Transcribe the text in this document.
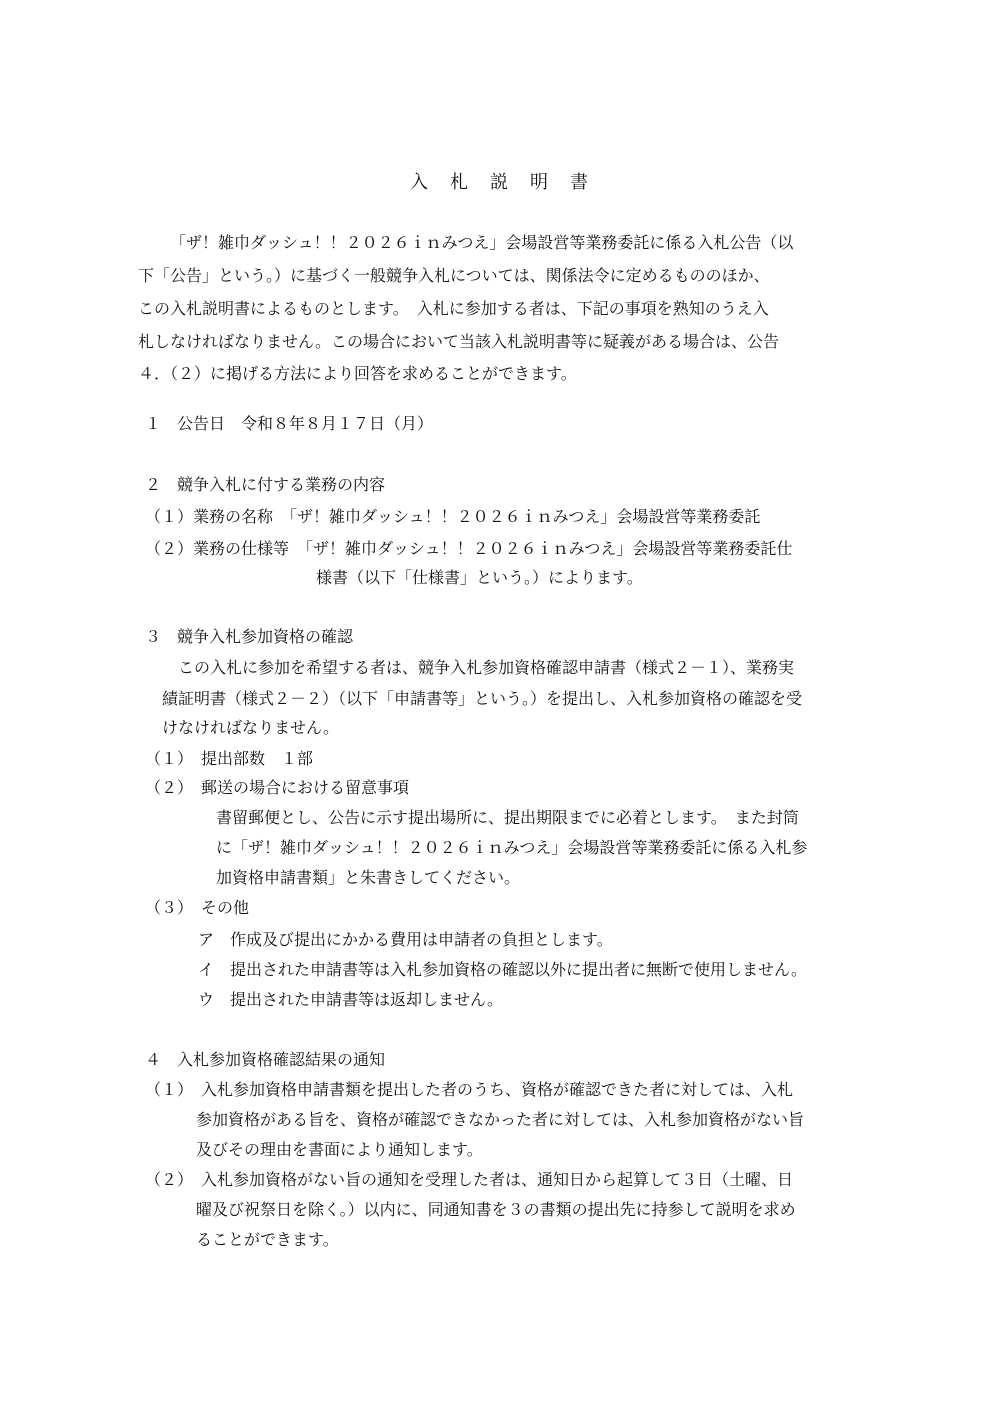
入　札　説　明　書
「ザ！雑巾ダッシュ！！２０２６ｉｎみつえ」会場設営等業務委託に係る入札公告（以
下「公告」という。）に基づく一般競争入札については、関係法令に定めるもののほか、
この入札説明書によるものとします。　入札に参加する者は、下記の事項を熟知のうえ入
札しなければなりません。この場合において当該入札説明書等に疑義がある場合は、公告
４．（２）に掲げる方法により回答を求めることができます。
１　公告日　令和８年８月１７日（月）
２　競争入札に付する業務の内容
（１）業務の名称　「ザ！雑巾ダッシュ！！２０２６ｉｎみつえ」会場設営等業務委託
（２）業務の仕様等　「ザ！雑巾ダッシュ！！２０２６ｉｎみつえ」会場設営等業務委託仕
様書（以下「仕様書」という。）によります。
３　競争入札参加資格の確認
この入札に参加を希望する者は、競争入札参加資格確認申請書（様式２－１）、業務実
績証明書（様式２－２）（以下「申請書等」という。）を提出し、入札参加資格の確認を受
けなければなりません。
（１）　提出部数　１部
（２）　郵送の場合における留意事項
書留郵便とし、公告に示す提出場所に、提出期限までに必着とします。　また封筒
に「ザ！雑巾ダッシュ！！２０２６ｉｎみつえ」会場設営等業務委託に係る入札参
加資格申請書類」と朱書きしてください。
（３）　その他
ア　作成及び提出にかかる費用は申請者の負担とします。
イ　提出された申請書等は入札参加資格の確認以外に提出者に無断で使用しません。
ウ　提出された申請書等は返却しません。
４　入札参加資格確認結果の通知
（１）　入札参加資格申請書類を提出した者のうち、資格が確認できた者に対しては、入札
参加資格がある旨を、資格が確認できなかった者に対しては、入札参加資格がない旨
及びその理由を書面により通知します。
（２）　入札参加資格がない旨の通知を受理した者は、通知日から起算して３日（土曜、日
曜及び祝祭日を除く。）以内に、同通知書を３の書類の提出先に持参して説明を求め
ることができます。
